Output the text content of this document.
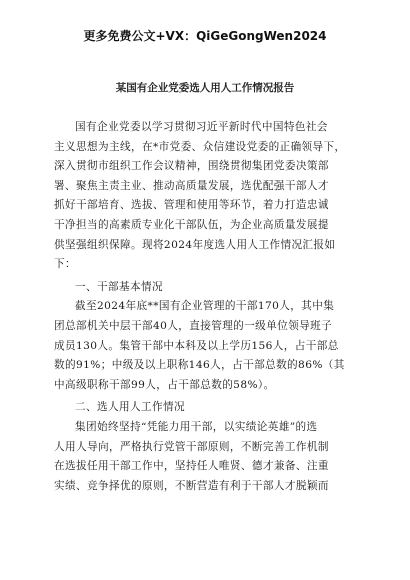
更多免费公文+VX：QiGeGongWen2024
某国有企业党委选人用人工作情况报告
国有企业党委以学习贯彻习近平新时代中国特色社会
主义思想为主线，在*市党委、众信建设党委的正确领导下，
深入贯彻市组织工作会议精神，围绕贯彻集团党委决策部
署、聚焦主责主业、推动高质量发展，选优配强干部人才
抓好干部培育、选拔、管理和使用等环节，着力打造忠诚
干净担当的高素质专业化干部队伍，为企业高质量发展提
供坚强组织保障。现将2024年度选人用人工作情况汇报如
下：
一、干部基本情况
截至2024年底**国有企业管理的干部170人，其中集
团总部机关中层干部40人，直接管理的一级单位领导班子
成员130人。集管干部中本科及以上学历156人，占干部总
数的91%；中级及以上职称146人，占干部总数的86%（其
中高级职称干部99人，占干部总数的58%）。
二、选人用人工作情况
集团始终坚持“凭能力用干部，以实绩论英雄”的选
人用人导向，严格执行党管干部原则，不断完善工作机制
在选拔任用干部工作中，坚持任人唯贤、德才兼备、注重
实绩、竞争择优的原则，不断营造有利于干部人才脱颖而
